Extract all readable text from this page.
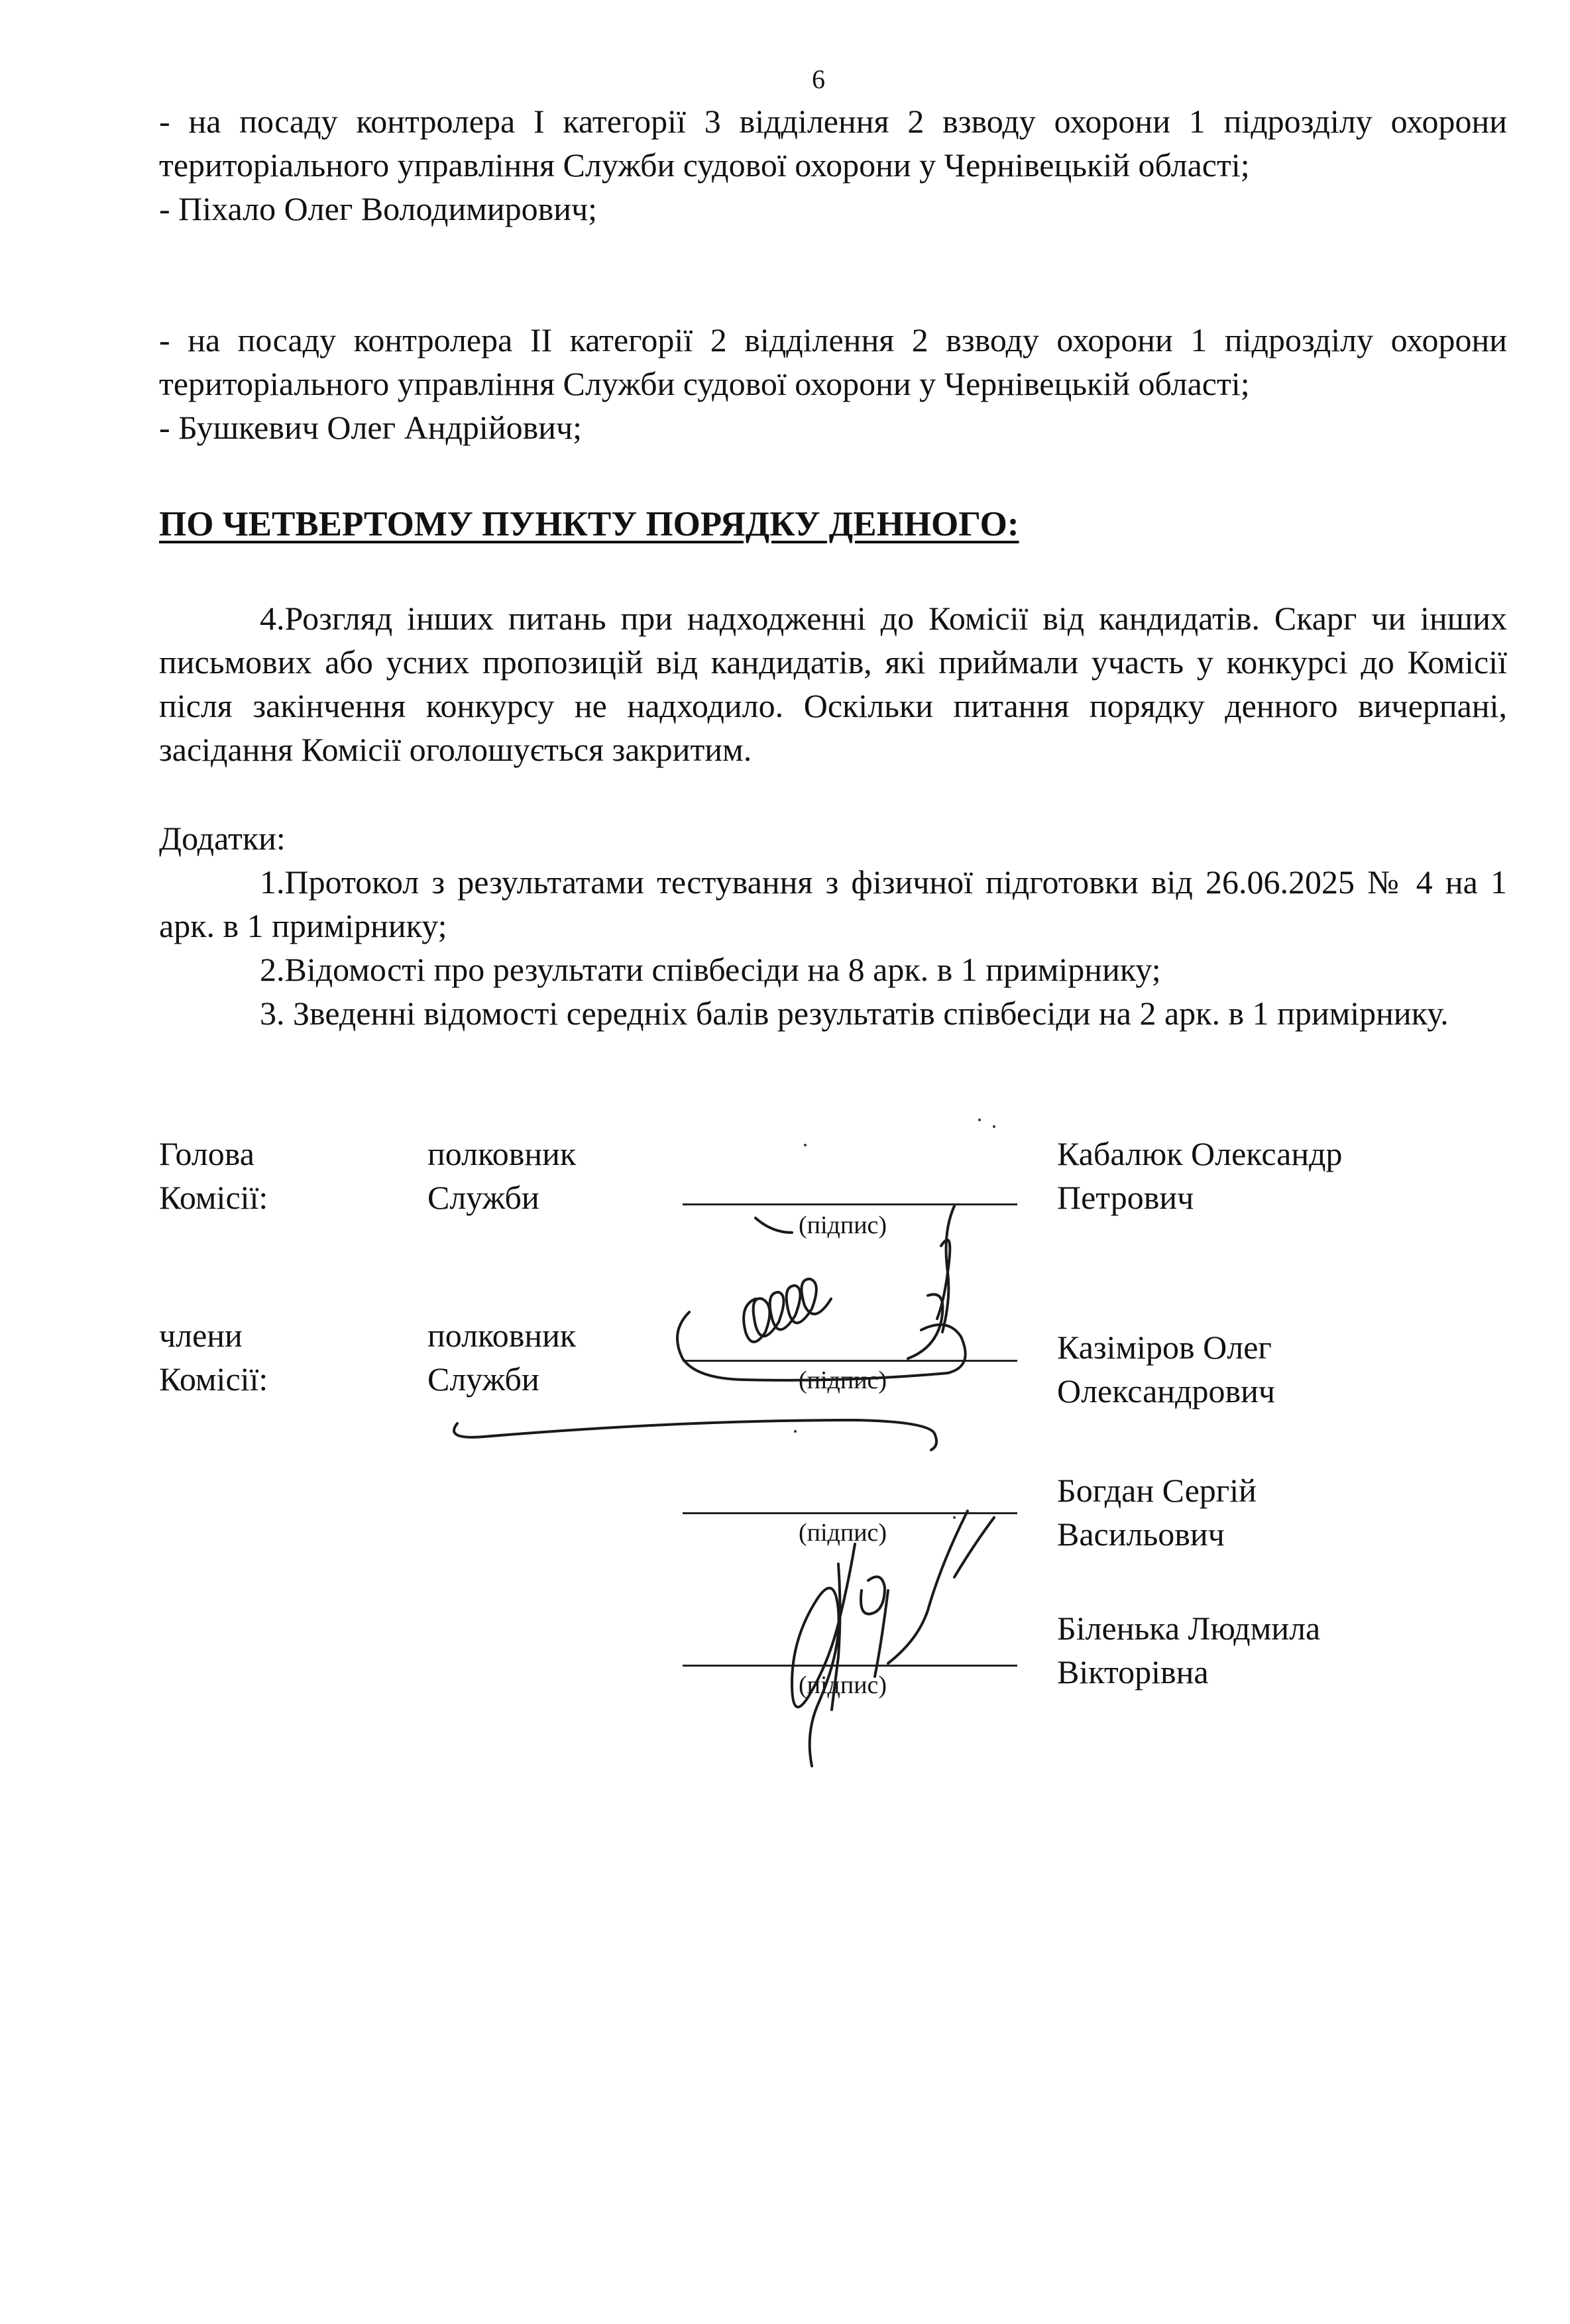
6
- на посаду контролера І категорії 3 відділення 2 взводу охорони 1 підрозділу охорони територіального управління Служби судової охорони у Чернівецькій області;
- Піхало Олег Володимирович;
- на посаду контролера ІІ категорії 2 відділення 2 взводу охорони 1 підрозділу охорони територіального управління Служби судової охорони у Чернівецькій області;
- Бушкевич Олег Андрійович;
ПО ЧЕТВЕРТОМУ ПУНКТУ ПОРЯДКУ ДЕННОГО:
4.Розгляд інших питань при надходженні до Комісії від кандидатів. Скарг чи інших письмових або усних пропозицій від кандидатів, які приймали участь у конкурсі до Комісії після закінчення конкурсу не надходило. Оскільки питання порядку денного вичерпані, засідання Комісії оголошується закритим.
Додатки:
1.Протокол з результатами тестування з фізичної підготовки від 26.06.2025 № 4 на 1 арк. в 1 примірнику;
2.Відомості про результати співбесіди на 8 арк. в 1 примірнику;
3. Зведенні відомості середніх балів результатів співбесіди на 2 арк. в 1 примірнику.
Голова
Комісії:
полковник
Служби
(підпис)
Кабалюк Олександр
Петрович
члени
Комісії:
полковник
Служби	(підпис)
Казіміров Олег
Олександрович
(підпис)
Богдан Сергій
Васильович
(підпис)
Біленька Людмила
Вікторівна
